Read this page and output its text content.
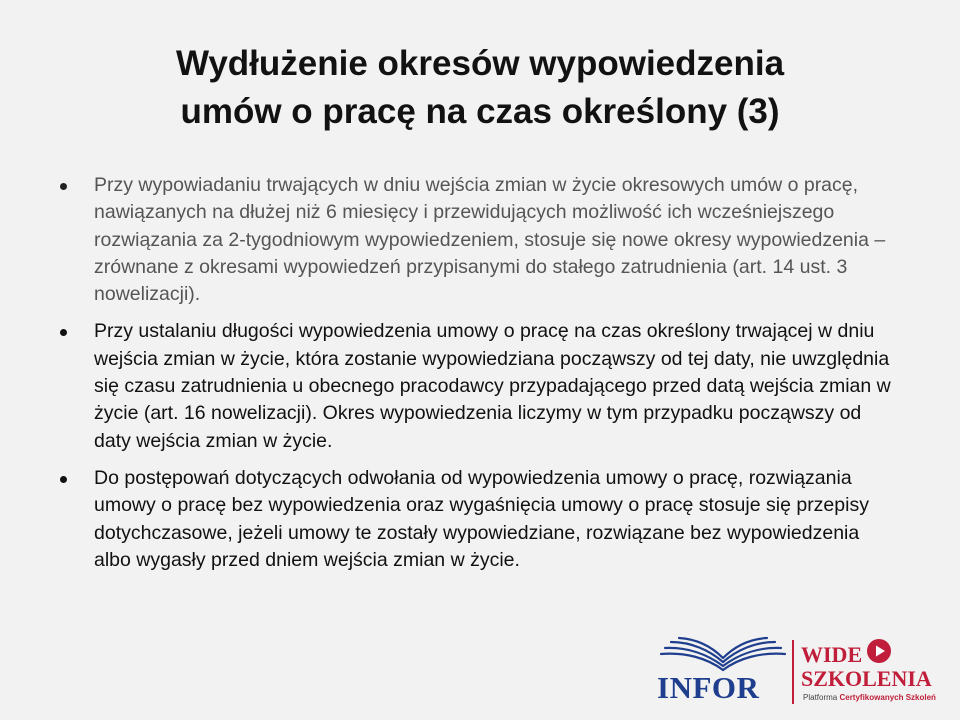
Wydłużenie okresów wypowiedzenia
umów o pracę na czas określony (3)
Przy wypowiadaniu trwających w dniu wejścia zmian w życie okresowych umów o pracę, nawiązanych na dłużej niż 6 miesięcy i przewidujących możliwość ich wcześniejszego rozwiązania za 2-tygodniowym wypowiedzeniem, stosuje się nowe okresy wypowiedzenia – zrównane z okresami wypowiedzeń przypisanymi do stałego zatrudnienia (art. 14 ust. 3 nowelizacji).
Przy ustalaniu długości wypowiedzenia umowy o pracę na czas określony trwającej w dniu wejścia zmian w życie, która zostanie wypowiedziana począwszy od tej daty, nie uwzględnia się czasu zatrudnienia u obecnego pracodawcy przypadającego przed datą wejścia zmian w życie (art. 16 nowelizacji). Okres wypowiedzenia liczymy w tym przypadku począwszy od daty wejścia zmian w życie.
Do postępowań dotyczących odwołania od wypowiedzenia umowy o pracę, rozwiązania umowy o pracę bez wypowiedzenia oraz wygaśnięcia umowy o pracę stosuje się przepisy dotychczasowe, jeżeli umowy te zostały wypowiedziane, rozwiązane bez wypowiedzenia albo wygasły przed dniem wejścia zmian w życie.
INFOR
WIDE
SZKOLENIA
Platforma Certyfikowanych Szkoleń
